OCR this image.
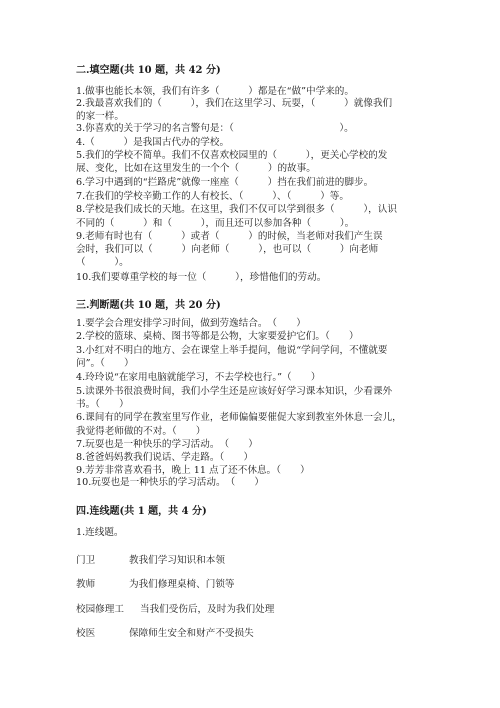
二.填空题(共 10 题，共 42 分)
1.做事也能长本领，我们有许多（　　　）都是在“做”中学来的。
2.我最喜欢我们的（　　　），我们在这里学习、玩耍，（　　　）就像我们
的家一样。
3.你喜欢的关于学习的名言警句是：（　　　　　　　　　　　）。
4.（　　　）是我国古代办的学校。
5.我们的学校不简单。我们不仅喜欢校园里的（　　　），更关心学校的发
展、变化，比如在这里发生的一个个（　　　）的故事。
6.学习中遇到的“拦路虎”就像一座座（　　　）挡在我们前进的脚步。
7.在我们的学校辛勤工作的人有校长、（　　　）、（　　　）等。
8.学校是我们成长的天地。在这里，我们不仅可以学到很多（　　　），认识
不同的（　　　）和（　　　），而且还可以参加各种（　　　）。
9.老师有时也有（　　　）或者（　　　）的时候，当老师对我们产生误
会时，我们可以（　　　）向老师（　　　），也可以（　　　）向老师
（　　　）。
10.我们要尊重学校的每一位（　　　），珍惜他们的劳动。
三.判断题(共 10 题，共 20 分)
1.要学会合理安排学习时间，做到劳逸结合。　（　　）
2.学校的篮球、桌椅、图书等都是公物，大家要爱护它们。（　　）
3.小红对不明白的地方、会在课堂上举手提问，他说“学问学问，不懂就要
问”。（　　）
4.玲玲说“在家用电脑就能学习，不去学校也行。”（　　）
5.读课外书很浪费时间，我们小学生还是应该好好学习课本知识，少看课外
书。（　　）
6.课间有的同学在教室里写作业，老师偏偏要催促大家到教室外休息一会儿，
我觉得老师做的不对。（　　）
7.玩耍也是一种快乐的学习活动。　（　　）
8.爸爸妈妈教我们说话、学走路。（　　）
9.芳芳非常喜欢看书，晚上 11 点了还不休息。（　　）
10.玩耍也是一种快乐的学习活动。　（　　）
四.连线题(共 1 题，共 4 分)
1.连线题。
门卫	教我们学习知识和本领
教师	为我们修理桌椅、门锁等
校园修理工 当我们受伤后，及时为我们处理
校医	保障师生安全和财产不受损失
